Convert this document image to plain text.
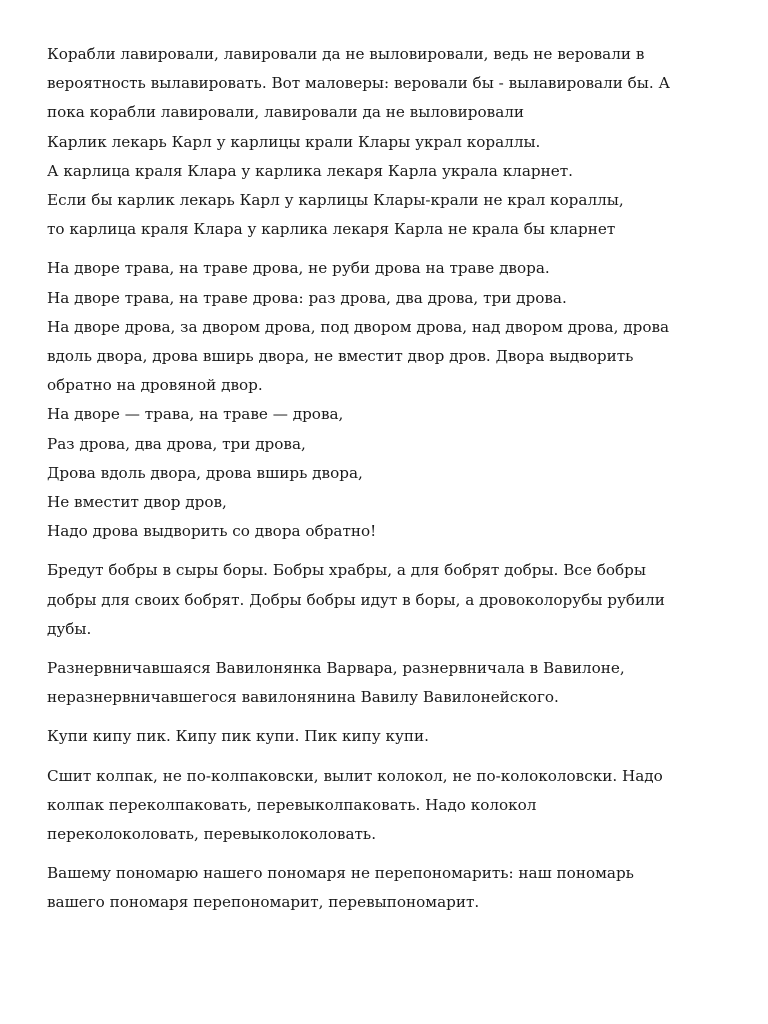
Корабли лавировали, лавировали да не выловировали, ведь не веровали в
вероятность вылавировать. Вот маловеры: веровали бы - вылавировали бы. А
пока корабли лавировали, лавировали да не выловировали
Карлик лекарь Карл у карлицы крали Клары украл кораллы.
А карлица краля Клара у карлика лекаря Карла украла кларнет.
Если бы карлик лекарь Карл у карлицы Клары-крали не крал кораллы,
то карлица краля Клара у карлика лекаря Карла не крала бы кларнет

На дворе трава, на траве дрова, не руби дрова на траве двора.
На дворе трава, на траве дрова: раз дрова, два дрова, три дрова.
На дворе дрова, за двором дрова, под двором дрова, над двором дрова, дрова
вдоль двора, дрова вширь двора, не вместит двор дров. Двора выдворить
обратно на дровяной двор.
На дворе — трава, на траве — дрова,
Раз дрова, два дрова, три дрова,
Дрова вдоль двора, дрова вширь двора,
Не вместит двор дров,
Надо дрова выдворить со двора обратно!

Бредут бобры в сыры боры. Бобры храбры, а для бобрят добры. Все бобры
добры для своих бобрят. Добры бобры идут в боры, а дровоколорубы рубили
дубы.

Разнервничавшаяся Вавилонянка Варвара, разнервничала в Вавилоне,
неразнервничавшегося вавилонянина Вавилу Вавилонейского.

Купи кипу пик. Кипу пик купи. Пик кипу купи.

Сшит колпак, не по-колпаковски, вылит колокол, не по-колоколовски. Надо
колпак переколпаковать, перевыколпаковать. Надо колокол
переколоколовать, перевыколоколовать.

Вашему пономарю нашего пономаря не перепономарить: наш пономарь
вашего пономаря перепономарит, перевыпономарит.
